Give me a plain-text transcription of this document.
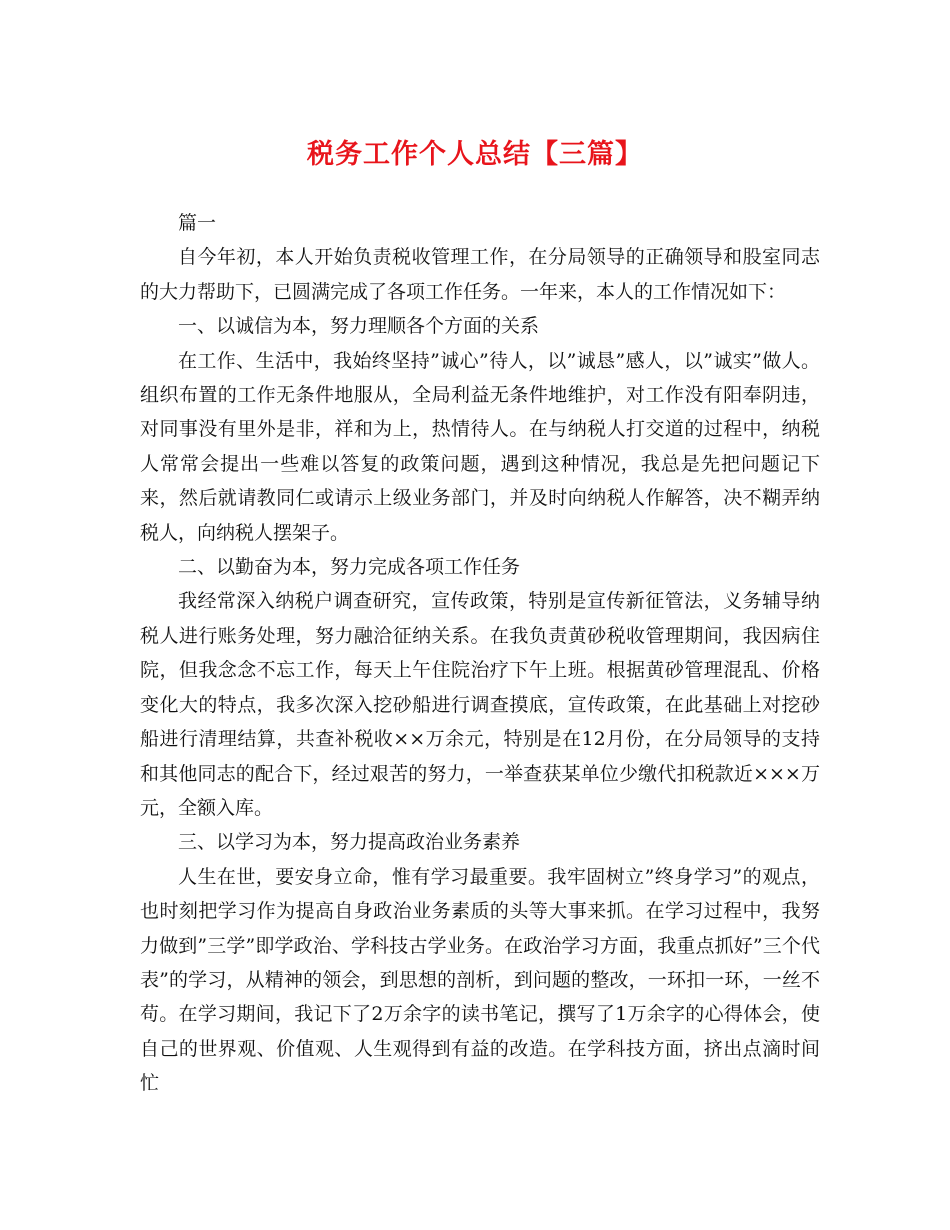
税务工作个人总结【三篇】

篇一

自今年初，本人开始负责税收管理工作，在分局领导的正确领导和股室同志的大力帮助下，已圆满完成了各项工作任务。一年来，本人的工作情况如下：

一、以诚信为本，努力理顺各个方面的关系

在工作、生活中，我始终坚持”诚心”待人，以”诚恳”感人，以”诚实”做人。组织布置的工作无条件地服从，全局利益无条件地维护，对工作没有阳奉阴违，对同事没有里外是非，祥和为上，热情待人。在与纳税人打交道的过程中，纳税人常常会提出一些难以答复的政策问题，遇到这种情况，我总是先把问题记下来，然后就请教同仁或请示上级业务部门，并及时向纳税人作解答，决不糊弄纳税人，向纳税人摆架子。

二、以勤奋为本，努力完成各项工作任务

我经常深入纳税户调查研究，宣传政策，特别是宣传新征管法，义务辅导纳税人进行账务处理，努力融洽征纳关系。在我负责黄砂税收管理期间，我因病住院，但我念念不忘工作，每天上午住院治疗下午上班。根据黄砂管理混乱、价格变化大的特点，我多次深入挖砂船进行调查摸底，宣传政策，在此基础上对挖砂船进行清理结算，共查补税收××万余元，特别是在12月份，在分局领导的支持和其他同志的配合下，经过艰苦的努力，一举查获某单位少缴代扣税款近×××万元，全额入库。

三、以学习为本，努力提高政治业务素养

人生在世，要安身立命，惟有学习最重要。我牢固树立”终身学习”的观点，也时刻把学习作为提高自身政治业务素质的头等大事来抓。在学习过程中，我努力做到”三学”即学政治、学科技古学业务。在政治学习方面，我重点抓好”三个代表”的学习，从精神的领会，到思想的剖析，到问题的整改，一环扣一环，一丝不苟。在学习期间，我记下了2万余字的读书笔记，撰写了1万余字的心得体会，使自己的世界观、价值观、人生观得到有益的改造。在学科技方面，挤出点滴时间忙
